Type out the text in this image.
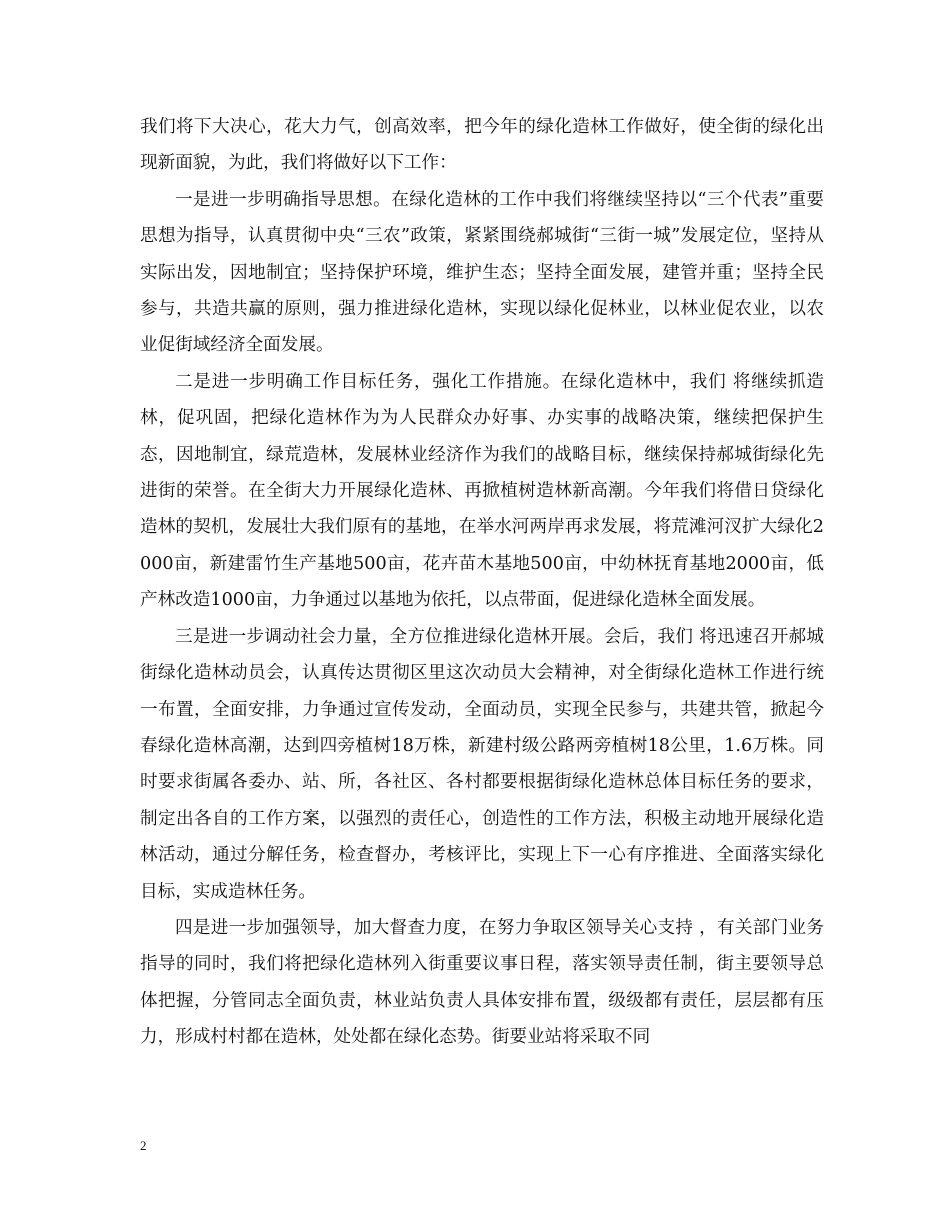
我们将下大决心，花大力气，创高效率，把今年的绿化造林工作做好，使全街的绿化出现新面貌，为此，我们将做好以下工作：

一是进一步明确指导思想。在绿化造林的工作中我们将继续坚持以“三个代表”重要思想为指导，认真贯彻中央“三农”政策，紧紧围绕郝城街“三街一城”发展定位，坚持从实际出发，因地制宜；坚持保护环境，维护生态；坚持全面发展，建管并重；坚持全民参与，共造共赢的原则，强力推进绿化造林，实现以绿化促林业，以林业促农业，以农业促街域经济全面发展。

二是进一步明确工作目标任务，强化工作措施。在绿化造林中，我们 将继续抓造林，促巩固，把绿化造林作为为人民群众办好事、办实事的战略决策，继续把保护生态，因地制宜，绿荒造林，发展林业经济作为我们的战略目标，继续保持郝城街绿化先进街的荣誉。在全街大力开展绿化造林、再掀植树造林新高潮。今年我们将借日贷绿化造林的契机，发展壮大我们原有的基地，在举水河两岸再求发展，将荒滩河汊扩大绿化2000亩，新建雷竹生产基地500亩，花卉苗木基地500亩，中幼林抚育基地2000亩，低产林改造1000亩，力争通过以基地为依托，以点带面，促进绿化造林全面发展。

三是进一步调动社会力量，全方位推进绿化造林开展。会后，我们 将迅速召开郝城街绿化造林动员会，认真传达贯彻区里这次动员大会精神，对全街绿化造林工作进行统一布置，全面安排，力争通过宣传发动，全面动员，实现全民参与，共建共管，掀起今春绿化造林高潮，达到四旁植树18万株，新建村级公路两旁植树18公里，1.6万株。同时要求街属各委办、站、所，各社区、各村都要根据街绿化造林总体目标任务的要求，制定出各自的工作方案，以强烈的责任心，创造性的工作方法，积极主动地开展绿化造林活动，通过分解任务，检查督办，考核评比，实现上下一心有序推进、全面落实绿化目标，实成造林任务。

四是进一步加强领导，加大督查力度，在努力争取区领导关心支持 ，有关部门业务指导的同时，我们将把绿化造林列入街重要议事日程，落实领导责任制，街主要领导总体把握，分管同志全面负责，林业站负责人具体安排布置，级级都有责任，层层都有压力，形成村村都在造林，处处都在绿化态势。街要业站将采取不同

2
